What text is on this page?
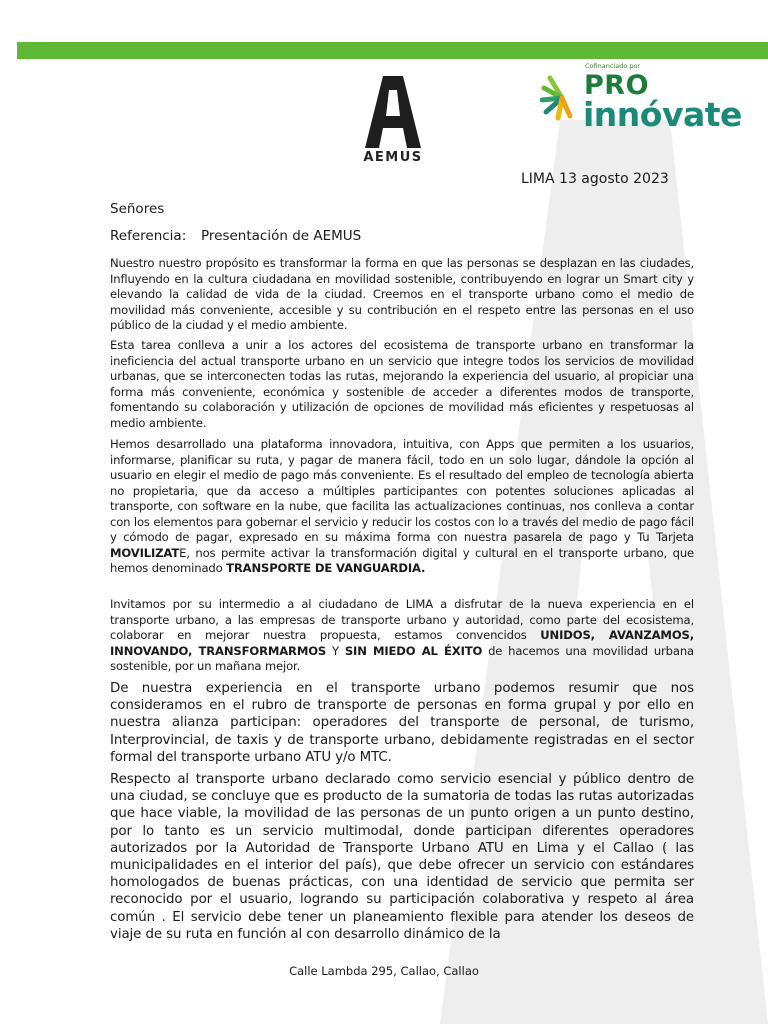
AEMUS
Cofinanciado por
PRO
innóvate
LIMA 13 agosto 2023
Señores
Referencia: Presentación de AEMUS
Nuestro nuestro propósito es transformar la forma en que las personas se desplazan en las ciudades, Influyendo en la cultura ciudadana en movilidad sostenible, contribuyendo en lograr un Smart city y elevando la calidad de vida de la ciudad. Creemos en el transporte urbano como el medio de movilidad más conveniente, accesible y su contribución en el respeto entre las personas en el uso público de la ciudad y el medio ambiente.
Esta tarea conlleva a unir a los actores del ecosistema de transporte urbano en transformar la ineficiencia del actual transporte urbano en un servicio que integre todos los servicios de movilidad urbanas, que se interconecten todas las rutas, mejorando la experiencia del usuario, al propiciar una forma más conveniente, económica y sostenible de acceder a diferentes modos de transporte, fomentando su colaboración y utilización de opciones de movilidad más eficientes y respetuosas al medio ambiente.
Hemos desarrollado una plataforma innovadora, intuitiva, con Apps que permiten a los usuarios, informarse, planificar su ruta, y pagar de manera fácil, todo en un solo lugar, dándole la opción al usuario en elegir el medio de pago más conveniente. Es el resultado del empleo de tecnología abierta no propietaria, que da acceso a múltiples participantes con potentes soluciones aplicadas al transporte, con software en la nube, que facilita las actualizaciones continuas, nos conlleva a contar con los elementos para gobernar el servicio y reducir los costos con lo a través del medio de pago fácil y cómodo de pagar, expresado en su máxima forma con nuestra pasarela de pago y Tu Tarjeta MOVILIZATE, nos permite activar la transformación digital y cultural en el transporte urbano, que hemos denominado TRANSPORTE DE VANGUARDIA.
Invitamos por su intermedio a al ciudadano de LIMA a disfrutar de la nueva experiencia en el transporte urbano, a las empresas de transporte urbano y autoridad, como parte del ecosistema, colaborar en mejorar nuestra propuesta, estamos convencidos UNIDOS, AVANZAMOS, INNOVANDO, TRANSFORMARMOS Y SIN MIEDO AL ÉXITO de hacemos una movilidad urbana sostenible, por un mañana mejor.
De nuestra experiencia en el transporte urbano podemos resumir que nos consideramos en el rubro de transporte de personas en forma grupal y por ello en nuestra alianza participan: operadores del transporte de personal, de turismo, Interprovincial, de taxis y de transporte urbano, debidamente registradas en el sector formal del transporte urbano ATU y/o MTC.
Respecto al transporte urbano declarado como servicio esencial y público dentro de una ciudad, se concluye que es producto de la sumatoria de todas las rutas autorizadas que hace viable, la movilidad de las personas de un punto origen a un punto destino, por lo tanto es un servicio multimodal, donde participan diferentes operadores autorizados por la Autoridad de Transporte Urbano ATU en Lima y el Callao ( las municipalidades en el interior del país), que debe ofrecer un servicio con estándares homologados de buenas prácticas, con una identidad de servicio que permita ser reconocido por el usuario, logrando su participación colaborativa y respeto al área común . El servicio debe tener un planeamiento flexible para atender los deseos de viaje de su ruta en función al con desarrollo dinámico de la
Calle Lambda 295, Callao, Callao
